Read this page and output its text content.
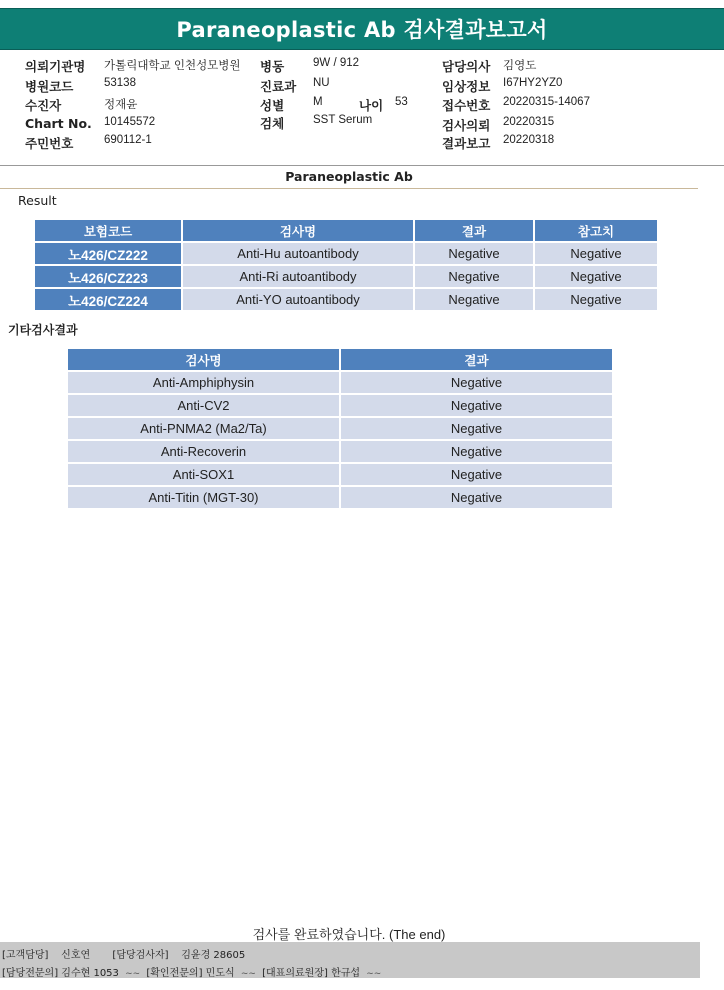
Paraneoplastic Ab 검사결과보고서
의뢰기관명 가톨릭대학교 인천성모병원
병원코드	53138
수진자	정재윤
Chart No. 10145572
주민번호	690112-1
병동	9W / 912
진료과 NU
성별	M	나이 53
검체	SST Serum
담당의사 김영도
임상정보 I67HY2YZ0
접수번호 20220315-14067
검사의뢰 20220315
결과보고 20220318
Paraneoplastic Ab
Result
보험코드	검사명	결과	참고치
노426/CZ222	Anti-Hu autoantibody	Negative	Negative
노426/CZ223	Anti-Ri autoantibody	Negative	Negative
노426/CZ224	Anti-YO autoantibody	Negative	Negative
기타검사결과
검사명	결과
Anti-Amphiphysin	Negative
Anti-CV2	Negative
Anti-PNMA2 (Ma2/Ta)	Negative
Anti-Recoverin	Negative
Anti-SOX1	Negative
Anti-Titin (MGT-30)	Negative
검사를 완료하였습니다. (The end)
[고객담당] 신호연 [담당검사자] 김윤경 28605
[담당전문의] 김수현 1053 ~~ [확인전문의] 민도식 ~~ [대표의료원장] 한규섭 ~~
